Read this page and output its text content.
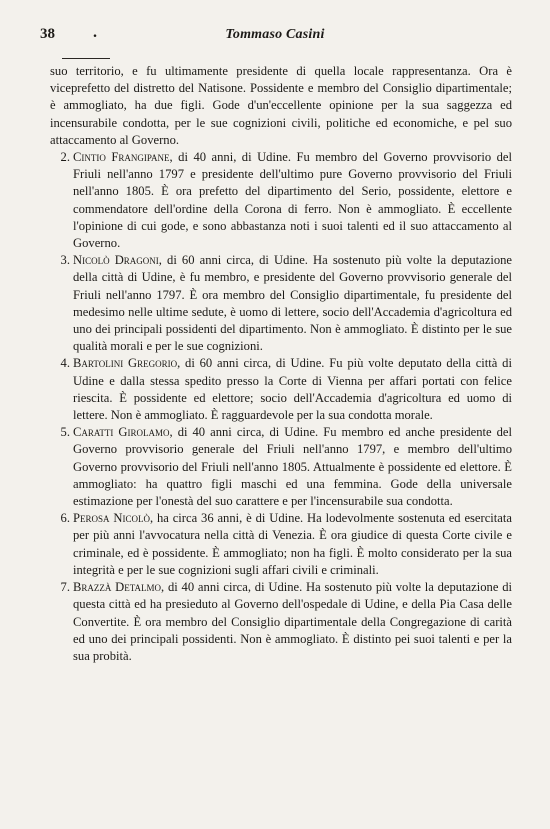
38 .	Tommaso Casini

suo territorio, e fu ultimamente presidente di quella locale rappresentanza. Ora è viceprefetto del distretto del Natisone. Possidente e membro del Consiglio dipartimentale; è ammogliato, ha due figli. Gode d'un'eccellente opinione per la sua saggezza ed incensurabile condotta, per le sue cognizioni civili, politiche ed economiche, e pel suo attaccamento al Governo.

2. Cintio Frangipane, di 40 anni, di Udine. Fu membro del Governo provvisorio del Friuli nell'anno 1797 e presidente dell'ultimo pure Governo provvisorio del Friuli nell'anno 1805. È ora prefetto del dipartimento del Serio, possidente, elettore e commendatore dell'ordine della Corona di ferro. Non è ammogliato. È eccellente l'opinione di cui gode, e sono abbastanza noti i suoi talenti ed il suo attaccamento al Governo.

3. Nicolò Dragoni, di 60 anni circa, di Udine. Ha sostenuto più volte la deputazione della città di Udine, è fu membro, e presidente del Governo provvisorio generale del Friuli nell'anno 1797. È ora membro del Consiglio dipartimentale, fu presidente del medesimo nelle ultime sedute, è uomo di lettere, socio dell'Accademia d'agricoltura ed uno dei principali possidenti del dipartimento. Non è ammogliato. È distinto per le sue qualità morali e per le sue cognizioni.

4. Bartolini Gregorio, di 60 anni circa, di Udine. Fu più volte deputato della città di Udine e dalla stessa spedito presso la Corte di Vienna per affari portati con felice riescita. È possidente ed elettore; socio dell'Accademia d'agricoltura ed uomo di lettere. Non è ammogliato. È ragguardevole per la sua condotta morale.

5. Caratti Girolamo, di 40 anni circa, di Udine. Fu membro ed anche presidente del Governo provvisorio generale del Friuli nell'anno 1797, e membro dell'ultimo Governo provvisorio del Friuli nell'anno 1805. Attualmente è possidente ed elettore. È ammogliato: ha quattro figli maschi ed una femmina. Gode della universale estimazione per l'onestà del suo carattere e per l'incensurabile sua condotta.

6. Perosa Nicolò, ha circa 36 anni, è di Udine. Ha lodevolmente sostenuta ed esercitata per più anni l'avvocatura nella città di Venezia. È ora giudice di questa Corte civile e criminale, ed è possidente. È ammogliato; non ha figli. È molto considerato per la sua integrità e per le sue cognizioni sugli affari civili e criminali.

7. Brazzà Detalmo, di 40 anni circa, di Udine. Ha sostenuto più volte la deputazione di questa città ed ha presieduto al Governo dell'ospedale di Udine, e della Pia Casa delle Convertite. È ora membro del Consiglio dipartimentale della Congregazione di carità ed uno dei principali possidenti. Non è ammogliato. È distinto pei suoi talenti e per la sua probità.
